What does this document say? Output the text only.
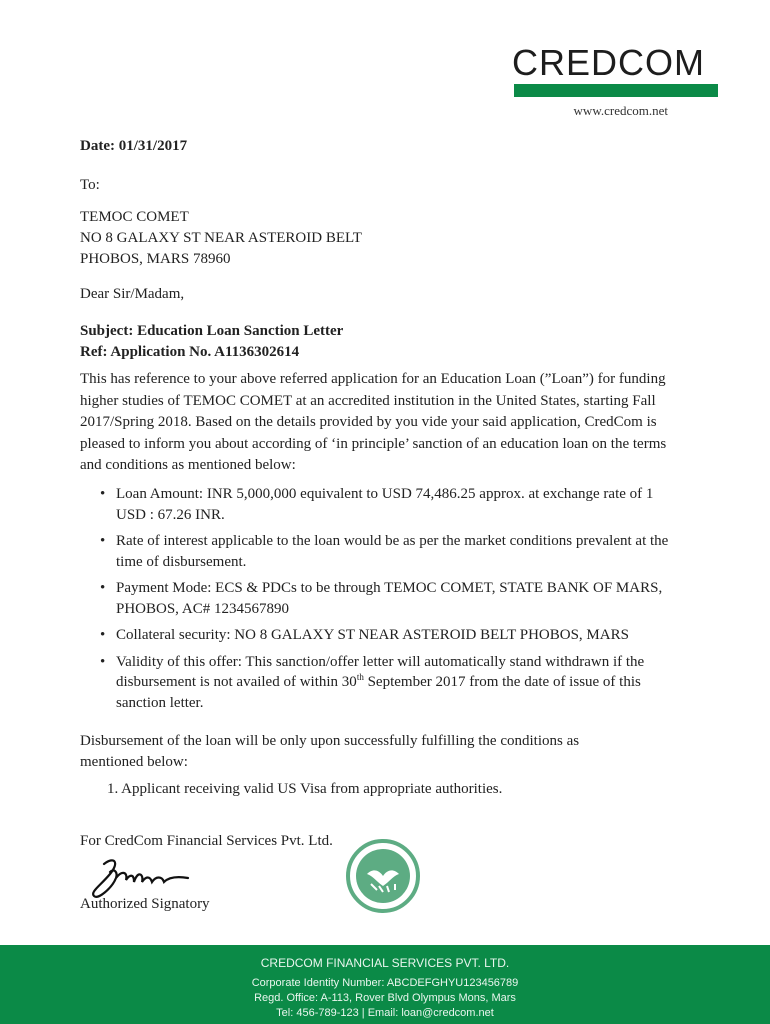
CREDCOM
www.credcom.net
Date: 01/31/2017
To:
TEMOC COMET
NO 8 GALAXY ST NEAR ASTEROID BELT
PHOBOS, MARS 78960
Dear Sir/Madam,
Subject: Education Loan Sanction Letter
Ref: Application No. A1136302614
This has reference to your above referred application for an Education Loan (”Loan”) for funding higher studies of TEMOC COMET at an accredited institution in the United States, starting Fall 2017/Spring 2018. Based on the details provided by you vide your said application, CredCom is pleased to inform you about according of ‘in principle’ sanction of an education loan on the terms and conditions as mentioned below:
• Loan Amount: INR 5,000,000 equivalent to USD 74,486.25 approx. at exchange rate of 1 USD : 67.26 INR.
• Rate of interest applicable to the loan would be as per the market conditions prevalent at the time of disbursement.
• Payment Mode: ECS & PDCs to be through TEMOC COMET, STATE BANK OF MARS, PHOBOS, AC# 1234567890
• Collateral security: NO 8 GALAXY ST NEAR ASTEROID BELT PHOBOS, MARS
• Validity of this offer: This sanction/offer letter will automatically stand withdrawn if the disbursement is not availed of within 30th September 2017 from the date of issue of this sanction letter.
Disbursement of the loan will be only upon successfully fulfilling the conditions as mentioned below:
1. Applicant receiving valid US Visa from appropriate authorities.
For CredCom Financial Services Pvt. Ltd.
Authorized Signatory
CREDCOM FINANCIAL SERVICES PVT. LTD.
Corporate Identity Number: ABCDEFGHYU123456789
Regd. Office: A-113, Rover Blvd Olympus Mons, Mars
Tel: 456-789-123 | Email: loan@credcom.net
